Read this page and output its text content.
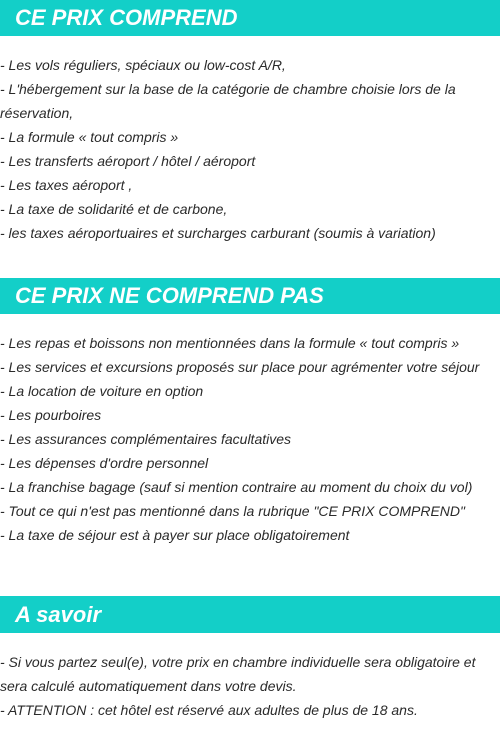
CE PRIX COMPREND
- Les vols réguliers, spéciaux ou low-cost A/R,
- L'hébergement sur la base de la catégorie de chambre choisie lors de la réservation,
- La formule « tout compris »
- Les transferts aéroport / hôtel / aéroport
- Les taxes aéroport ,
- La taxe de solidarité et de carbone,
- les taxes aéroportuaires et surcharges carburant (soumis à variation)
CE PRIX NE COMPREND PAS
- Les repas et boissons non mentionnées dans la formule « tout compris »
- Les services et excursions proposés sur place pour agrémenter votre séjour
- La location de voiture en option
- Les pourboires
- Les assurances complémentaires facultatives
- Les dépenses d'ordre personnel
- La franchise bagage (sauf si mention contraire au moment du choix du vol)
- Tout ce qui n'est pas mentionné dans la rubrique "CE PRIX COMPREND"
- La taxe de séjour est à payer sur place obligatoirement
A savoir
- Si vous partez seul(e), votre prix en chambre individuelle sera obligatoire et sera calculé automatiquement dans votre devis.
- ATTENTION : cet hôtel est réservé aux adultes de plus de 18 ans.
